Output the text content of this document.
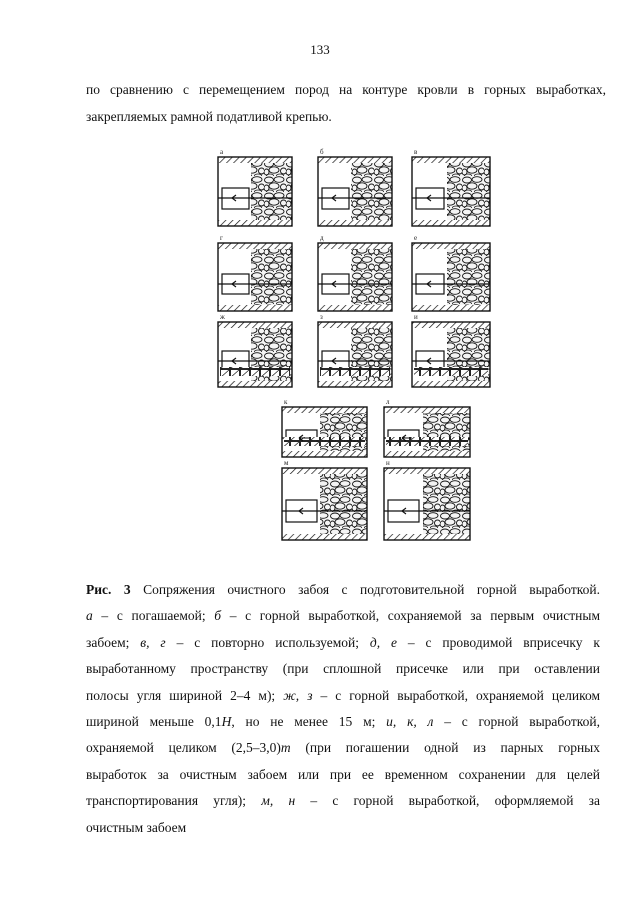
133

по сравнению с перемещением пород на контуре кровли в горных выработках,

закрепляемых рамной податливой крепью.

а	б	в
г	д	е
ж	з	и
к	л
м	н

Рис. 3 Сопряжения очистного забоя с подготовительной горной выработкой.

а – с погашаемой; б – с горной выработкой, сохраняемой за первым очистным

забоем; в, г – с повторно используемой; д, е – с проводимой вприсечку к

выработанному пространству (при сплошной присечке или при оставлении

полосы угля шириной 2–4 м); ж, з – с горной выработкой, охраняемой целиком

шириной меньше 0,1H, но не менее 15 м; и, к, л – с горной выработкой,

охраняемой целиком (2,5–3,0)m (при погашении одной из парных горных

выработок за очистным забоем или при ее временном сохранении для целей

транспортирования угля); м, н – с горной выработкой, оформляемой за

очистным забоем
